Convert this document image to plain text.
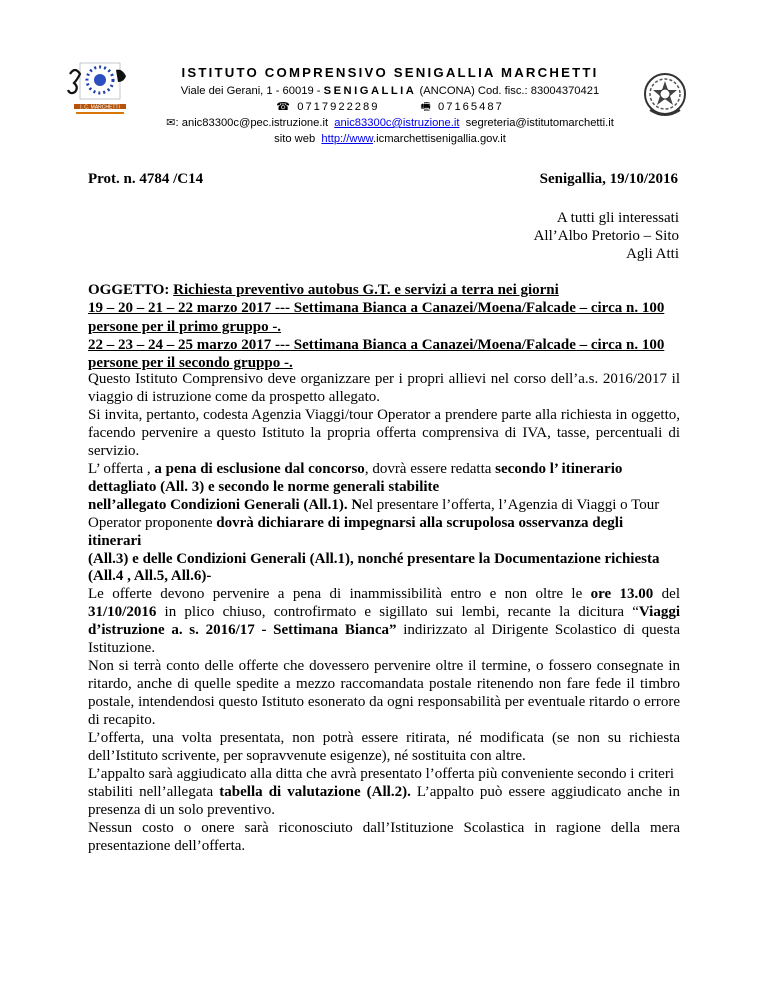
I. C. MARCHETTI
ISTITUTO COMPRENSIVO SENIGALLIA MARCHETTI
Viale dei Gerani, 1 - 60019 - SENIGALLIA (ANCONA) Cod. fisc.: 83004370421
☎ 0717922289	🖷 07165487
✉: anic83300c@pec.istruzione.it anic83300c@istruzione.it segreteria@istitutomarchetti.it
sito web http://www.icmarchettisenigallia.gov.it
Prot. n. 4784 /C14	Senigallia, 19/10/2016
A tutti gli interessati
All’Albo Pretorio – Sito
Agli Atti
OGGETTO: Richiesta preventivo autobus G.T. e servizi a terra nei giorni
19 – 20 – 21 – 22 marzo 2017 --- Settimana Bianca a Canazei/Moena/Falcade – circa n. 100 persone per il primo gruppo -.
22 – 23 – 24 – 25 marzo 2017 --- Settimana Bianca a Canazei/Moena/Falcade – circa n. 100 persone per il secondo gruppo -.

Questo Istituto Comprensivo deve organizzare per i propri allievi nel corso dell’a.s. 2016/2017 il viaggio di istruzione come da prospetto allegato.

Si invita, pertanto, codesta Agenzia Viaggi/tour Operator a prendere parte alla richiesta in oggetto, facendo pervenire a questo Istituto la propria offerta comprensiva di IVA, tasse, percentuali di servizio.

L’ offerta , a pena di esclusione dal concorso, dovrà essere redatta secondo l’ itinerario
dettagliato (All. 3) e secondo le norme generali stabilite
nell’allegato Condizioni Generali (All.1). Nel presentare l’offerta, l’Agenzia di Viaggi o Tour
Operator proponente dovrà dichiarare di impegnarsi alla scrupolosa osservanza degli itinerari
(All.3) e delle Condizioni Generali (All.1), nonché presentare la Documentazione richiesta (All.4 , All.5, All.6)-

Le offerte devono pervenire a pena di inammissibilità entro e non oltre le ore 13.00 del 31/10/2016 in plico chiuso, controfirmato e sigillato sui lembi, recante la dicitura “Viaggi d’istruzione a. s. 2016/17 - Settimana Bianca” indirizzato al Dirigente Scolastico di questa Istituzione.

Non si terrà conto delle offerte che dovessero pervenire oltre il termine, o fossero consegnate in ritardo, anche di quelle spedite a mezzo raccomandata postale ritenendo non fare fede il timbro postale, intendendosi questo Istituto esonerato da ogni responsabilità per eventuale ritardo o errore di recapito.

L’offerta, una volta presentata, non potrà essere ritirata, né modificata (se non su richiesta dell’Istituto scrivente, per sopravvenute esigenze), né sostituita con altre.

L’appalto sarà aggiudicato alla ditta che avrà presentato l’offerta più conveniente secondo i criteri
stabiliti nell’allegata tabella di valutazione (All.2). L’appalto può essere aggiudicato anche in presenza di un solo preventivo.

Nessun costo o onere sarà riconosciuto dall’Istituzione Scolastica in ragione della mera presentazione dell’offerta.
